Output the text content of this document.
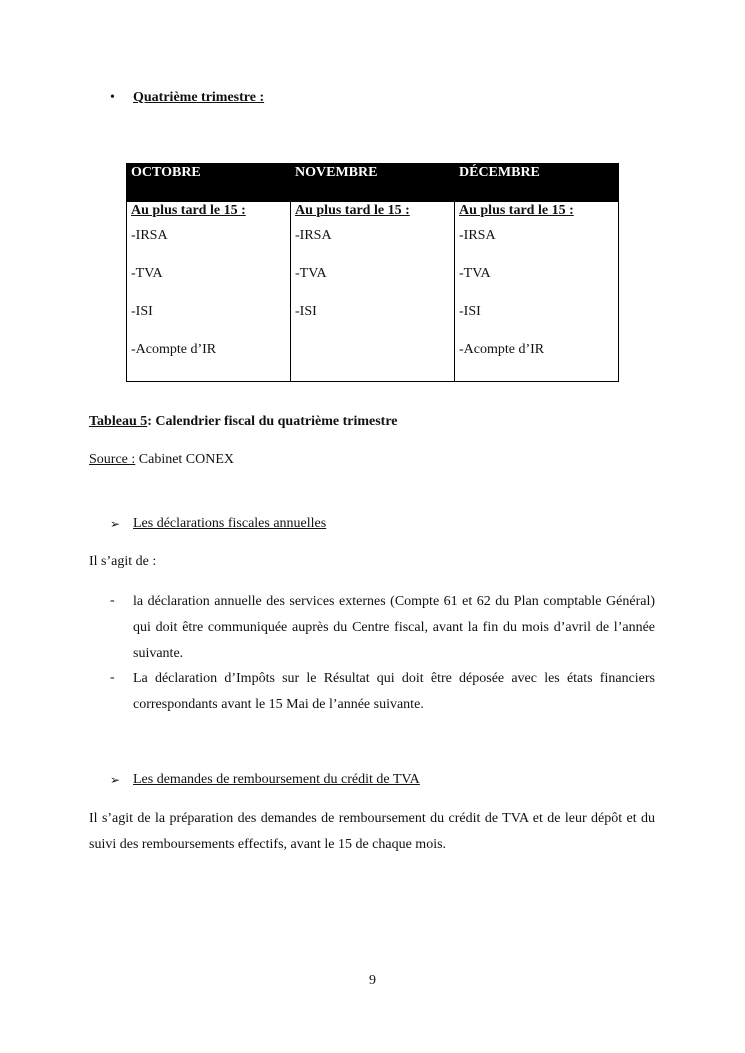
• Quatrième trimestre :
OCTOBRE	NOVEMBRE	DÉCEMBRE
Au plus tard le 15 :
-IRSA
-TVA
-ISI
-Acompte d’IR
Au plus tard le 15 :
-IRSA
-TVA
-ISI
Au plus tard le 15 :
-IRSA
-TVA
-ISI
-Acompte d’IR
Tableau 5: Calendrier fiscal du quatrième trimestre
Source : Cabinet CONEX
➢ Les déclarations fiscales annuelles
Il s’agit de :
- la déclaration annuelle des services externes (Compte 61 et 62 du Plan comptable Général) qui doit être communiquée auprès du Centre fiscal, avant la fin du mois d’avril de l’année suivante.
- La déclaration d’Impôts sur le Résultat qui doit être déposée avec les états financiers correspondants avant le 15 Mai de l’année suivante.
➢ Les demandes de remboursement du crédit de TVA
Il s’agit de la préparation des demandes de remboursement du crédit de TVA et de leur dépôt et du suivi des remboursements effectifs, avant le 15 de chaque mois.
9
